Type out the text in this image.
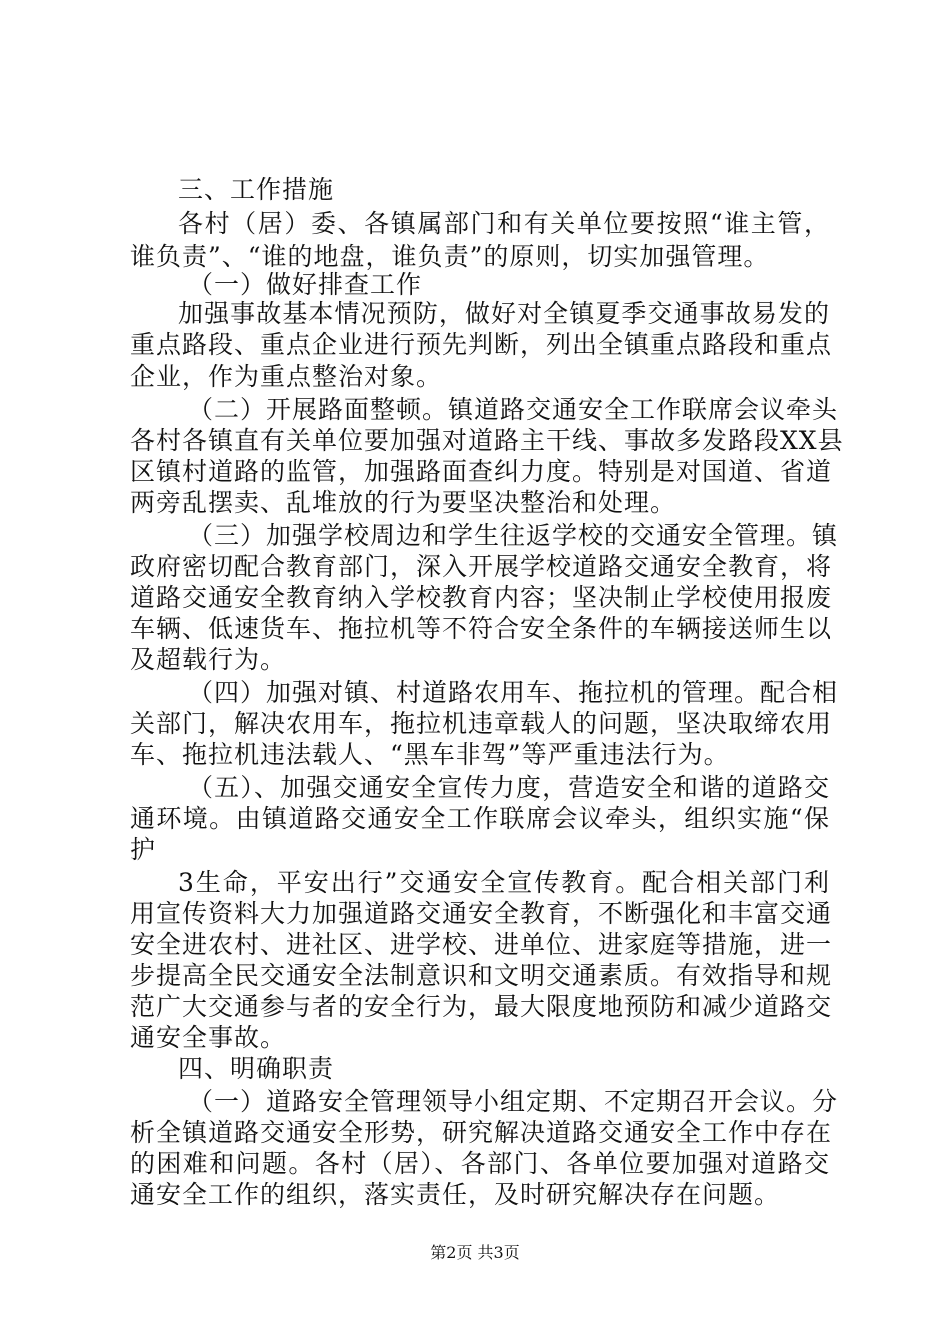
三、工作措施
各村（居）委、各镇属部门和有关单位要按照“谁主管，
谁负责”、“谁的地盘，谁负责”的原则，切实加强管理。
（一）做好排查工作
加强事故基本情况预防，做好对全镇夏季交通事故易发的
重点路段、重点企业进行预先判断，列出全镇重点路段和重点
企业，作为重点整治对象。
（二）开展路面整顿。镇道路交通安全工作联席会议牵头
各村各镇直有关单位要加强对道路主干线、事故多发路段XX县
区镇村道路的监管，加强路面查纠力度。特别是对国道、省道
两旁乱摆卖、乱堆放的行为要坚决整治和处理。
（三）加强学校周边和学生往返学校的交通安全管理。镇
政府密切配合教育部门，深入开展学校道路交通安全教育，将
道路交通安全教育纳入学校教育内容；坚决制止学校使用报废
车辆、低速货车、拖拉机等不符合安全条件的车辆接送师生以
及超载行为。
（四）加强对镇、村道路农用车、拖拉机的管理。配合相
关部门，解决农用车，拖拉机违章载人的问题，坚决取缔农用
车、拖拉机违法载人、“黑车非驾”等严重违法行为。
（五）、加强交通安全宣传力度，营造安全和谐的道路交
通环境。由镇道路交通安全工作联席会议牵头，组织实施“保
护
3生命，平安出行”交通安全宣传教育。配合相关部门利
用宣传资料大力加强道路交通安全教育，不断强化和丰富交通
安全进农村、进社区、进学校、进单位、进家庭等措施，进一
步提高全民交通安全法制意识和文明交通素质。有效指导和规
范广大交通参与者的安全行为，最大限度地预防和减少道路交
通安全事故。
四、明确职责
（一）道路安全管理领导小组定期、不定期召开会议。分
析全镇道路交通安全形势，研究解决道路交通安全工作中存在
的困难和问题。各村（居）、各部门、各单位要加强对道路交
通安全工作的组织，落实责任，及时研究解决存在问题。
第2页 共3页
